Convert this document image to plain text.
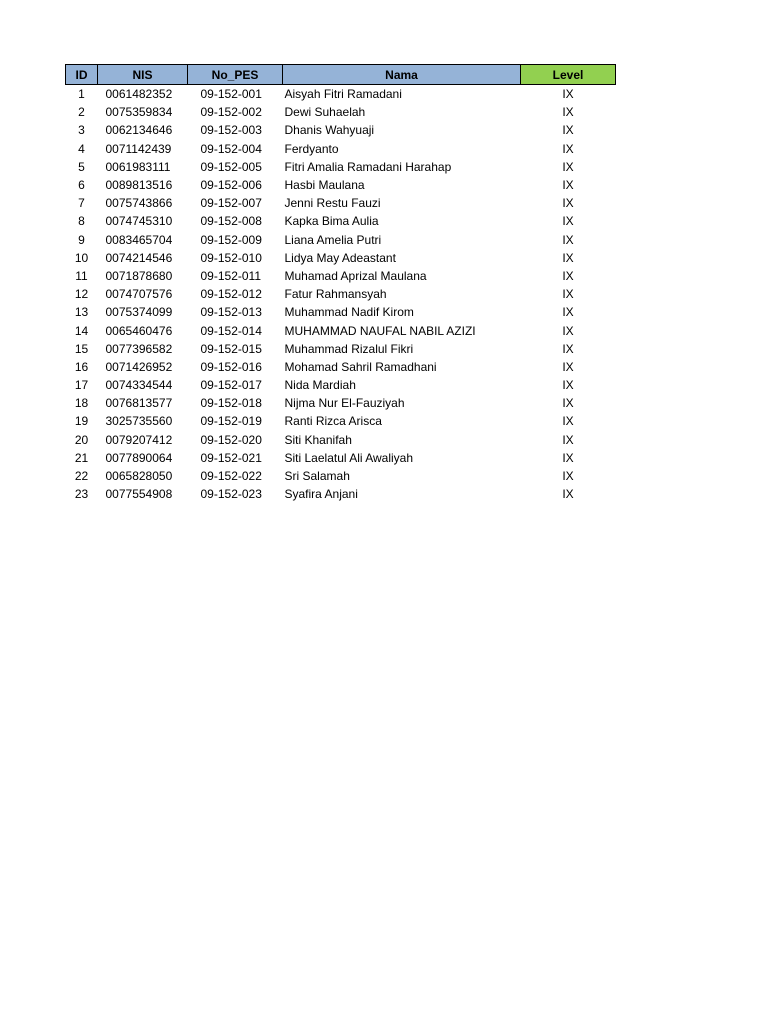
ID	NIS	No_PES	Nama	Level
1	0061482352	09-152-001	Aisyah Fitri Ramadani	IX
2	0075359834	09-152-002	Dewi Suhaelah	IX
3	0062134646	09-152-003	Dhanis Wahyuaji	IX
4	0071142439	09-152-004	Ferdyanto	IX
5	0061983111	09-152-005	Fitri Amalia Ramadani Harahap	IX
6	0089813516	09-152-006	Hasbi Maulana	IX
7	0075743866	09-152-007	Jenni Restu Fauzi	IX
8	0074745310	09-152-008	Kapka Bima Aulia	IX
9	0083465704	09-152-009	Liana Amelia Putri	IX
10	0074214546	09-152-010	Lidya May Adeastant	IX
11	0071878680	09-152-011	Muhamad Aprizal Maulana	IX
12	0074707576	09-152-012	Fatur Rahmansyah	IX
13	0075374099	09-152-013	Muhammad Nadif Kirom	IX
14	0065460476	09-152-014	MUHAMMAD NAUFAL NABIL AZIZI	IX
15	0077396582	09-152-015	Muhammad Rizalul Fikri	IX
16	0071426952	09-152-016	Mohamad Sahril Ramadhani	IX
17	0074334544	09-152-017	Nida Mardiah	IX
18	0076813577	09-152-018	Nijma Nur El-Fauziyah	IX
19	3025735560	09-152-019	Ranti Rizca Arisca	IX
20	0079207412	09-152-020	Siti Khanifah	IX
21	0077890064	09-152-021	Siti Laelatul Ali Awaliyah	IX
22	0065828050	09-152-022	Sri Salamah	IX
23	0077554908	09-152-023	Syafira Anjani	IX
